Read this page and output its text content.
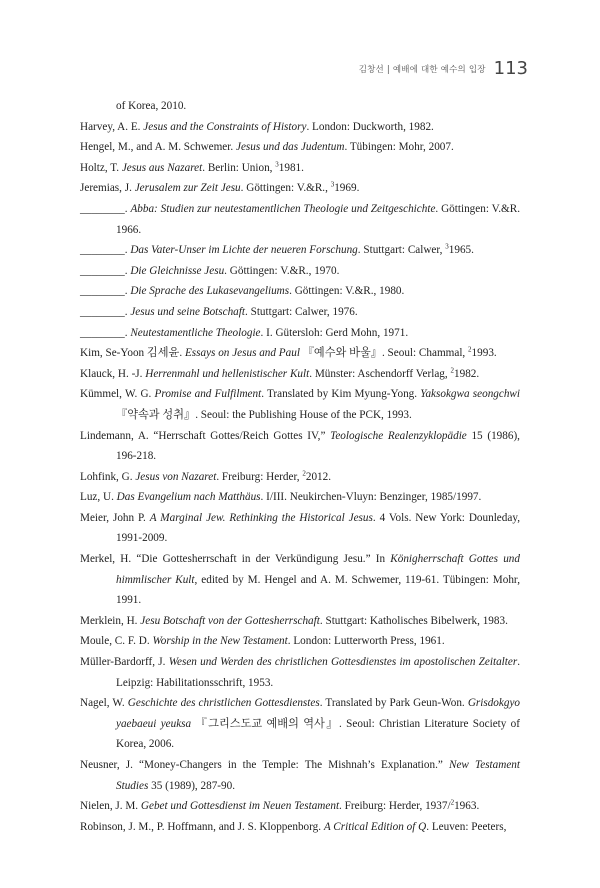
김창선 | 예배에 대한 예수의 입장 113

of Korea, 2010.

Harvey, A. E. Jesus and the Constraints of History. London: Duckworth, 1982.

Hengel, M., and A. M. Schwemer. Jesus und das Judentum. Tübingen: Mohr, 2007.

Holtz, T. Jesus aus Nazaret. Berlin: Union, $^3$1981.

Jeremias, J. Jerusalem zur Zeit Jesu. Göttingen: V.&R., $^3$1969.

________. Abba: Studien zur neutestamentlichen Theologie und Zeitgeschichte. Göttingen: V.&R. 1966.

________. Das Vater-Unser im Lichte der neueren Forschung. Stuttgart: Calwer, $^3$1965.

________. Die Gleichnisse Jesu. Göttingen: V.&R., 1970.

________. Die Sprache des Lukasevangeliums. Göttingen: V.&R., 1980.

________. Jesus und seine Botschaft. Stuttgart: Calwer, 1976.

________. Neutestamentliche Theologie. I. Gütersloh: Gerd Mohn, 1971.

Kim, Se-Yoon 김세윤. Essays on Jesus and Paul 『예수와 바울』. Seoul: Chammal, $^2$1993.

Klauck, H. -J. Herrenmahl und hellenistischer Kult. Münster: Aschendorff Verlag, $^2$1982.

Kümmel, W. G. Promise and Fulfilment. Translated by Kim Myung-Yong. Yaksokgwa seongchwi 『약속과 성취』. Seoul: the Publishing House of the PCK, 1993.

Lindemann, A. “Herrschaft Gottes/Reich Gottes IV,” Teologische Realenzyklopädie 15 (1986), 196-218.

Lohfink, G. Jesus von Nazaret. Freiburg: Herder, $^2$2012.

Luz, U. Das Evangelium nach Matthäus. I/III. Neukirchen-Vluyn: Benzinger, 1985/1997.

Meier, John P. A Marginal Jew. Rethinking the Historical Jesus. 4 Vols. New York: Dounleday, 1991-2009.

Merkel, H. “Die Gottesherrschaft in der Verkündigung Jesu.” In Königherrschaft Gottes und himmlischer Kult, edited by M. Hengel and A. M. Schwemer, 119-61. Tübingen: Mohr, 1991.

Merklein, H. Jesu Botschaft von der Gottesherrschaft. Stuttgart: Katholisches Bibelwerk, 1983.

Moule, C. F. D. Worship in the New Testament. London: Lutterworth Press, 1961.

Müller-Bardorff, J. Wesen und Werden des christlichen Gottesdienstes im apostolischen Zeitalter. Leipzig: Habilitationsschrift, 1953.

Nagel, W. Geschichte des christlichen Gottesdienstes. Translated by Park Geun-Won. Grisdokgyo yaebaeui yeuksa 『그리스도교 예배의 역사』. Seoul: Christian Literature Society of Korea, 2006.

Neusner, J. “Money-Changers in the Temple: The Mishnah’s Explanation.” New Testament Studies 35 (1989), 287-90.

Nielen, J. M. Gebet und Gottesdienst im Neuen Testament. Freiburg: Herder, 1937/$^2$1963.

Robinson, J. M., P. Hoffmann, and J. S. Kloppenborg. A Critical Edition of Q. Leuven: Peeters,
